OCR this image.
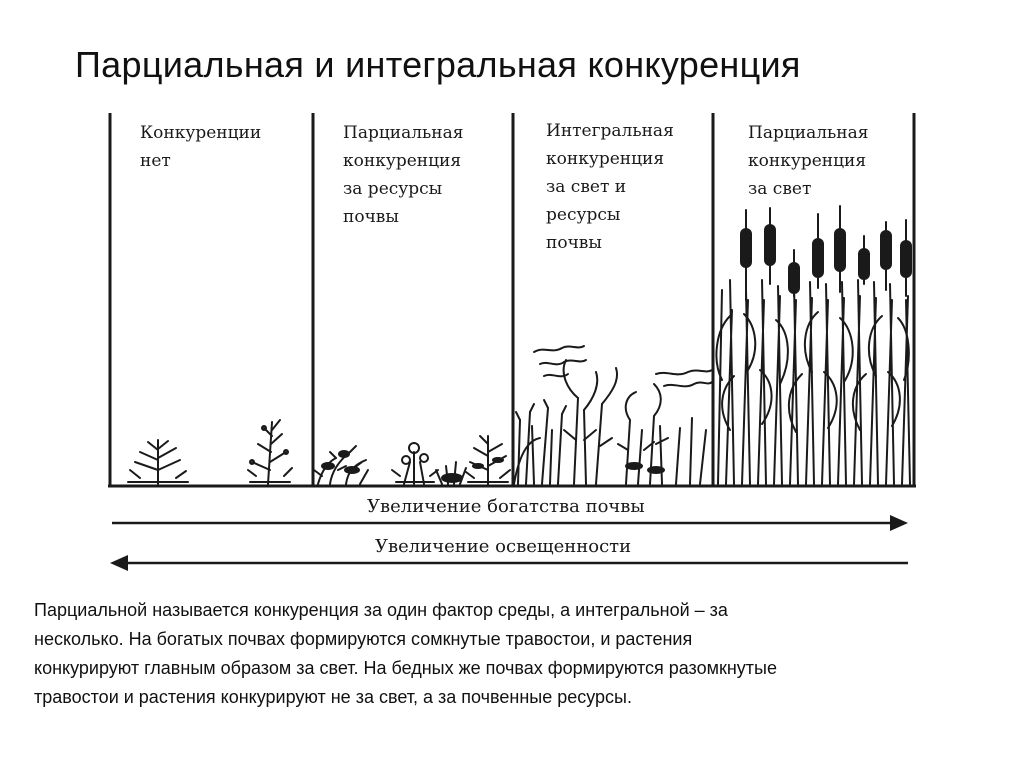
Парциальная и интегральная конкуренция
Конкуренции
нет
Парциальная
конкуренция
за ресурсы
почвы
Интегральная
конкуренция
за свет и
ресурсы
почвы
Парциальная
конкуренция
за свет
Увеличение богатства почвы
Увеличение освещенности

Парциальной называется конкуренция за один фактор среды, а интегральной – за

несколько. На богатых почвах формируются сомкнутые травостои, и растения

конкурируют главным образом за свет. На бедных же почвах формируются разомкнутые

травостои и растения конкурируют не за свет, а за почвенные ресурсы.
